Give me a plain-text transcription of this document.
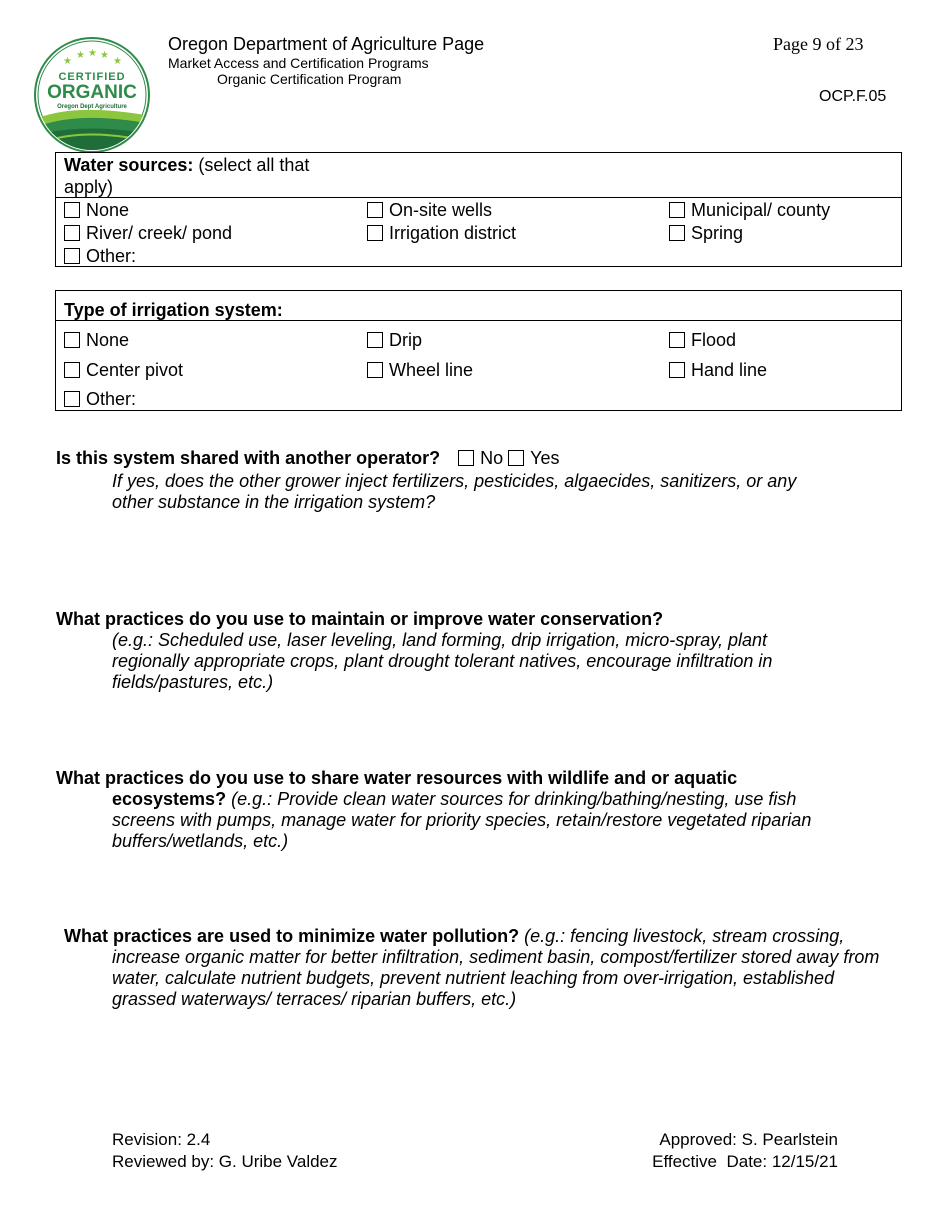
★
★ ★ ★
★
CERTIFIED
ORGANIC
Oregon Dept Agriculture
Oregon Department of Agriculture Page
Market Access and Certification Programs
Organic Certification Program
Page 9 of 23
OCP.F.05
Water sources: (select all that
apply)
None	On-site wells	Municipal/ county
River/ creek/ pond	Irrigation district	Spring
Other:
Type of irrigation system:
None	Drip	Flood
Center pivot	Wheel line	Hand line
Other:
Is this system shared with another operator? No Yes
If yes, does the other grower inject fertilizers, pesticides, algaecides, sanitizers, or any other substance in the irrigation system?
What practices do you use to maintain or improve water conservation?
(e.g.: Scheduled use, laser leveling, land forming, drip irrigation, micro-spray, plant regionally appropriate crops, plant drought tolerant natives, encourage infiltration in fields/pastures, etc.)
What practices do you use to share water resources with wildlife and or aquatic
ecosystems? (e.g.: Provide clean water sources for drinking/bathing/nesting, use fish screens with pumps, manage water for priority species, retain/restore vegetated riparian buffers/wetlands, etc.)
What practices are used to minimize water pollution? (e.g.: fencing livestock, stream crossing, increase organic matter for better infiltration, sediment basin, compost/fertilizer stored away from water, calculate nutrient budgets, prevent nutrient leaching from over-irrigation, established grassed waterways/ terraces/ riparian buffers, etc.)
Revision: 2.4
Reviewed by: G. Uribe Valdez
Approved: S. Pearlstein
Effective  Date: 12/15/21
